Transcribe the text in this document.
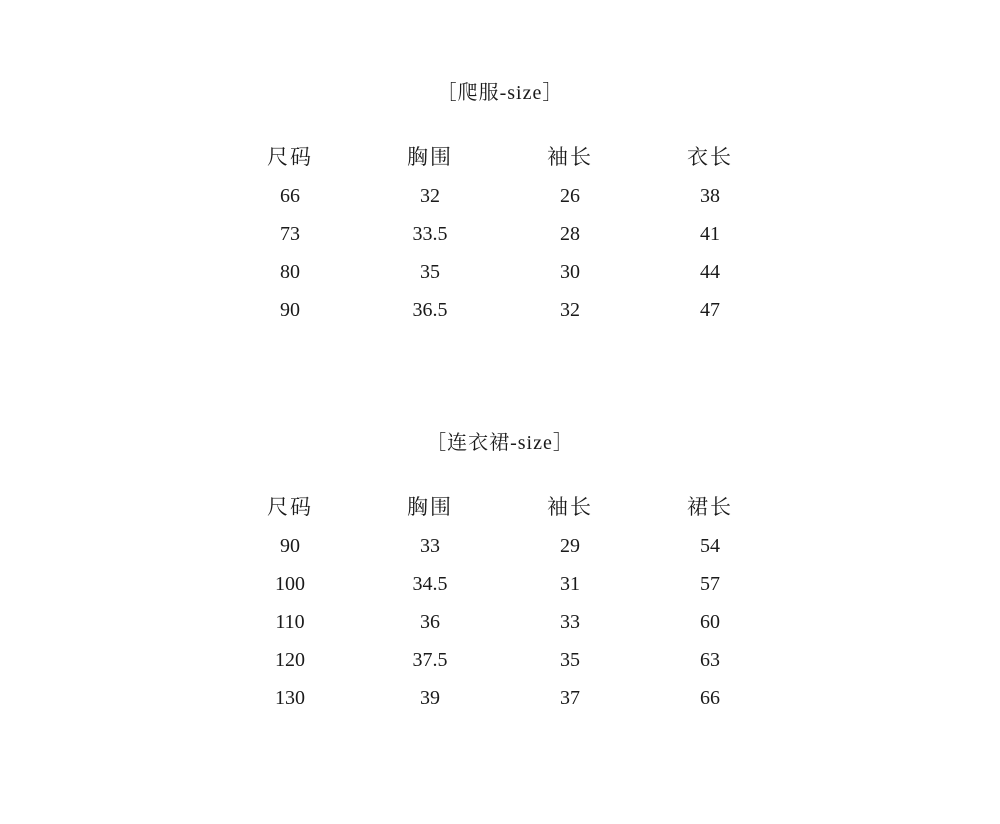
［爬服-size］
尺码	胸围	袖长	衣长
66	32	26	38
73	33.5	28	41
80	35	30	44
90	36.5	32	47
［连衣裙-size］
尺码	胸围	袖长	裙长
90	33	29	54
100	34.5	31	57
110	36	33	60
120	37.5	35	63
130	39	37	66
